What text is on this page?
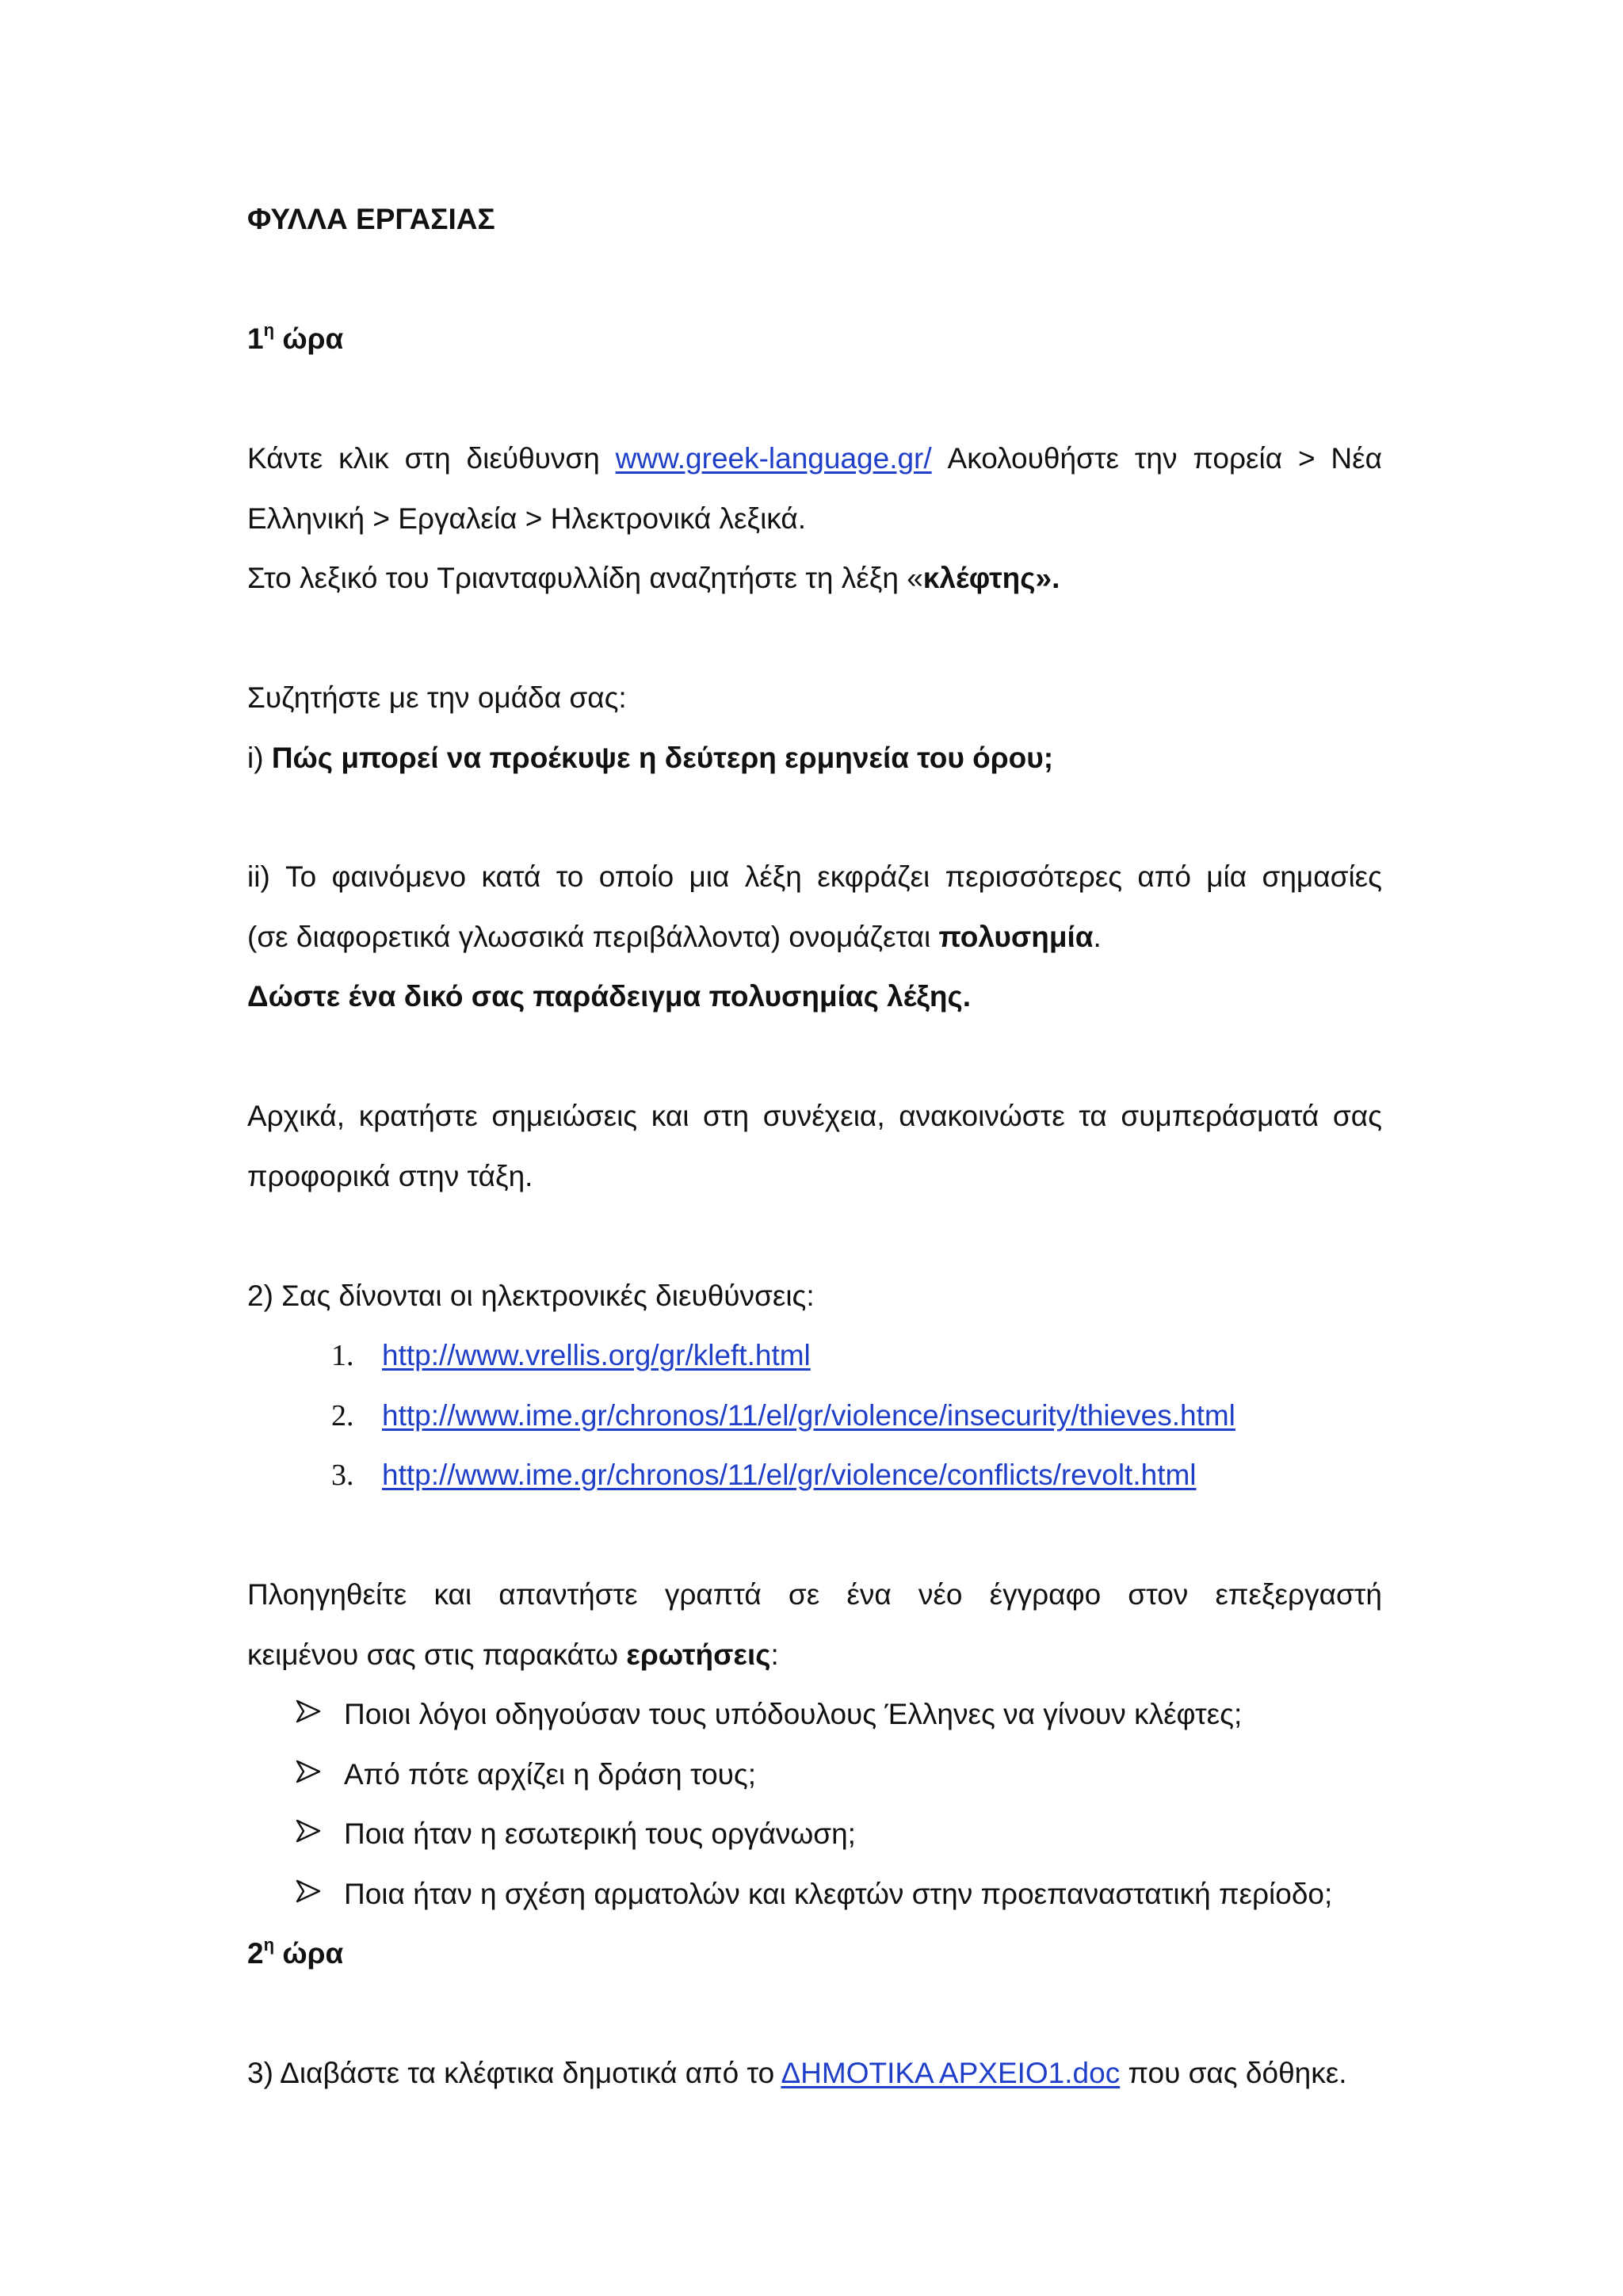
ΦΥΛΛΑ ΕΡΓΑΣΙΑΣ
$1^\eta$ ώρα
Κάντε κλικ στη διεύθυνση www.greek-language.gr/ Ακολουθήστε την πορεία > Νέα
Ελληνική > Εργαλεία > Ηλεκτρονικά λεξικά.
Στο λεξικό του Τριανταφυλλίδη αναζητήστε τη λέξη «κλέφτης».
Συζητήστε με την ομάδα σας:
i) Πώς μπορεί να προέκυψε η δεύτερη ερμηνεία του όρου;
ii) Το φαινόμενο κατά το οποίο μια λέξη εκφράζει περισσότερες από μία σημασίες
(σε διαφορετικά γλωσσικά περιβάλλοντα) ονομάζεται πολυσημία.
Δώστε ένα δικό σας παράδειγμα πολυσημίας λέξης.
Αρχικά, κρατήστε σημειώσεις και στη συνέχεια, ανακοινώστε τα συμπεράσματά σας
προφορικά στην τάξη.
2) Σας δίνονται οι ηλεκτρονικές διευθύνσεις:
1. http://www.vrellis.org/gr/kleft.html
2. http://www.ime.gr/chronos/11/el/gr/violence/insecurity/thieves.html
3. http://www.ime.gr/chronos/11/el/gr/violence/conflicts/revolt.html
Πλοηγηθείτε και απαντήστε γραπτά σε ένα νέο έγγραφο στον επεξεργαστή
κειμένου σας στις παρακάτω ερωτήσεις:
Ποιοι λόγοι οδηγούσαν τους υπόδουλους Έλληνες να γίνουν κλέφτες;
Από πότε αρχίζει η δράση τους;
Ποια ήταν η εσωτερική τους οργάνωση;
Ποια ήταν η σχέση αρματολών και κλεφτών στην προεπαναστατική περίοδο;
$2^\eta$ ώρα
3) Διαβάστε τα κλέφτικα δημοτικά από το ΔΗΜΟΤΙΚΑ ΑΡΧΕΙΟ1.doc που σας δόθηκε.
